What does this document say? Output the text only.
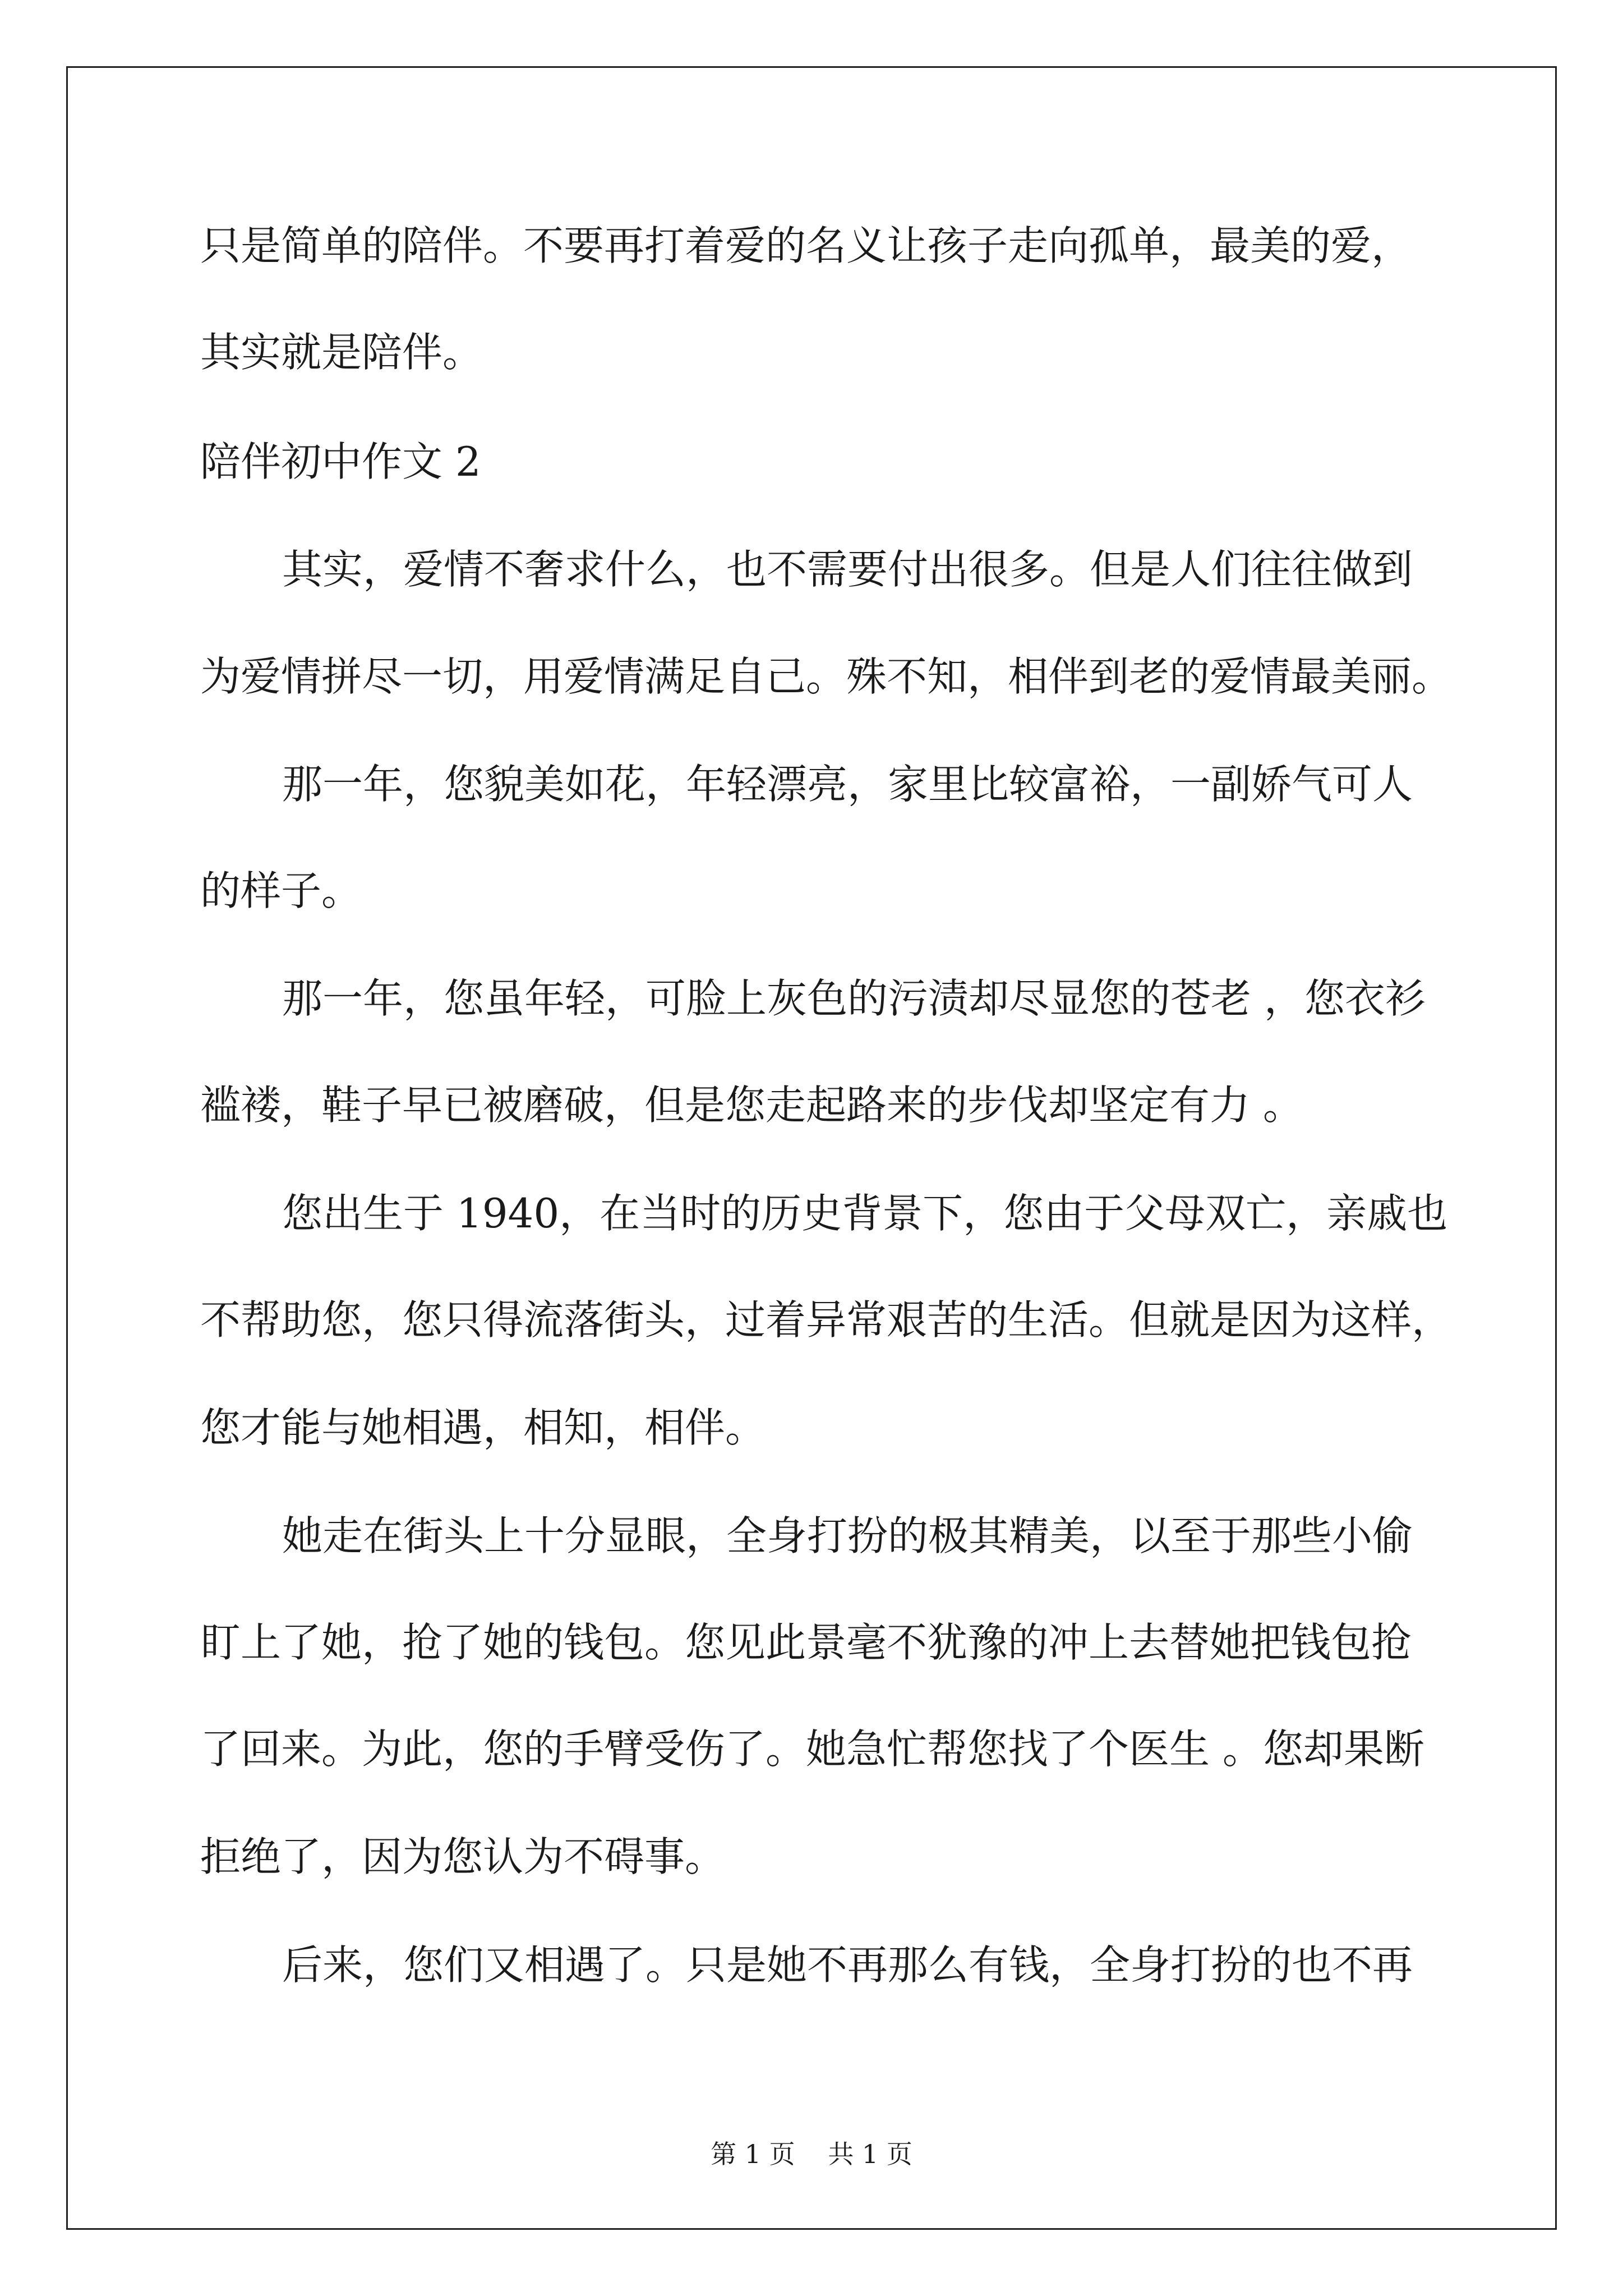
只是简单的陪伴。不要再打着爱的名义让孩子走向孤单，最美的爱，
其实就是陪伴。
陪伴初中作文 2
其实，爱情不奢求什么，也不需要付出很多。但是人们往往做到
为爱情拼尽一切，用爱情满足自己。殊不知，相伴到老的爱情最美丽。
那一年，您貌美如花，年轻漂亮，家里比较富裕，一副娇气可人
的样子。
那一年，您虽年轻，可脸上灰色的污渍却尽显您的苍老 ，您衣衫
褴褛，鞋子早已被磨破，但是您走起路来的步伐却坚定有力 。
您出生于 1940，在当时的历史背景下，您由于父母双亡，亲戚也
不帮助您，您只得流落街头，过着异常艰苦的生活。但就是因为这样，
您才能与她相遇，相知，相伴。
她走在街头上十分显眼，全身打扮的极其精美，以至于那些小偷
盯上了她，抢了她的钱包。您见此景毫不犹豫的冲上去替她把钱包抢
了回来。为此，您的手臂受伤了。她急忙帮您找了个医生 。您却果断
拒绝了，因为您认为不碍事。
后来，您们又相遇了。只是她不再那么有钱，全身打扮的也不再
第 1 页 共 1 页
